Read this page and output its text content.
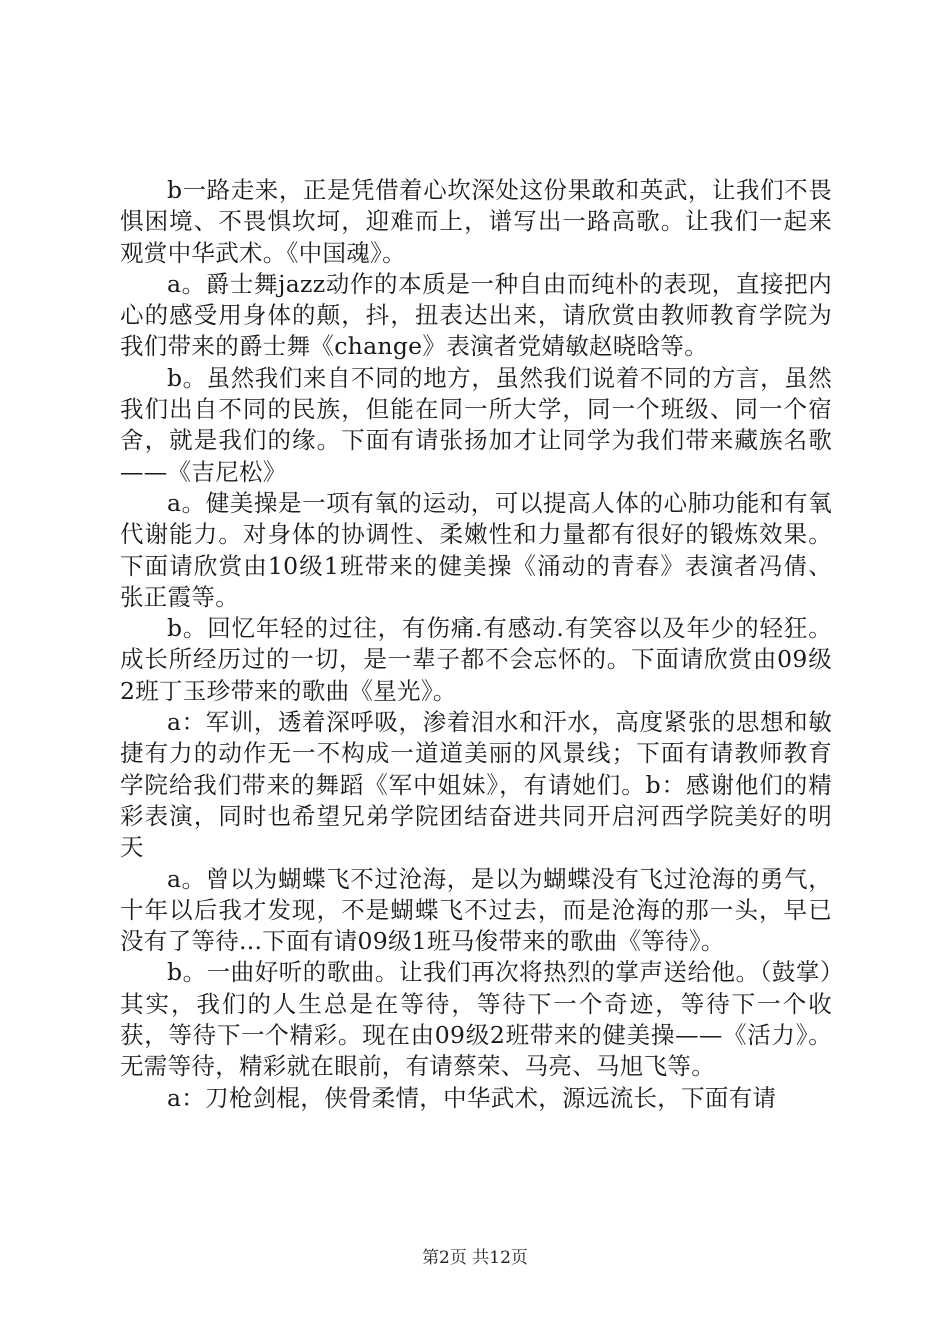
b一路走来，正是凭借着心坎深处这份果敢和英武，让我们不畏惧困境、不畏惧坎坷，迎难而上，谱写出一路高歌。让我们一起来观赏中华武术。《中国魂》。

a。爵士舞jazz动作的本质是一种自由而纯朴的表现，直接把内心的感受用身体的颠，抖，扭表达出来，请欣赏由教师教育学院为我们带来的爵士舞《change》表演者党婧敏赵晓晗等。

b。虽然我们来自不同的地方，虽然我们说着不同的方言，虽然我们出自不同的民族，但能在同一所大学，同一个班级、同一个宿舍，就是我们的缘。下面有请张扬加才让同学为我们带来藏族名歌——《吉尼松》

a。健美操是一项有氧的运动，可以提高人体的心肺功能和有氧代谢能力。对身体的协调性、柔嫩性和力量都有很好的锻炼效果。下面请欣赏由10级1班带来的健美操《涌动的青春》表演者冯倩、张正霞等。

b。回忆年轻的过往，有伤痛.有感动.有笑容以及年少的轻狂。成长所经历过的一切，是一辈子都不会忘怀的。下面请欣赏由09级2班丁玉珍带来的歌曲《星光》。

a：军训，透着深呼吸，渗着泪水和汗水，高度紧张的思想和敏捷有力的动作无一不构成一道道美丽的风景线；下面有请教师教育学院给我们带来的舞蹈《军中姐妹》，有请她们。b：感谢他们的精彩表演，同时也希望兄弟学院团结奋进共同开启河西学院美好的明天

a。曾以为蝴蝶飞不过沧海，是以为蝴蝶没有飞过沧海的勇气，十年以后我才发现，不是蝴蝶飞不过去，而是沧海的那一头，早已没有了等待...下面有请09级1班马俊带来的歌曲《等待》。

b。一曲好听的歌曲。让我们再次将热烈的掌声送给他。（鼓掌）其实，我们的人生总是在等待，等待下一个奇迹，等待下一个收获，等待下一个精彩。现在由09级2班带来的健美操——《活力》。无需等待，精彩就在眼前，有请蔡荣、马亮、马旭飞等。

a：刀枪剑棍，侠骨柔情，中华武术，源远流长，下面有请

第2页 共12页
